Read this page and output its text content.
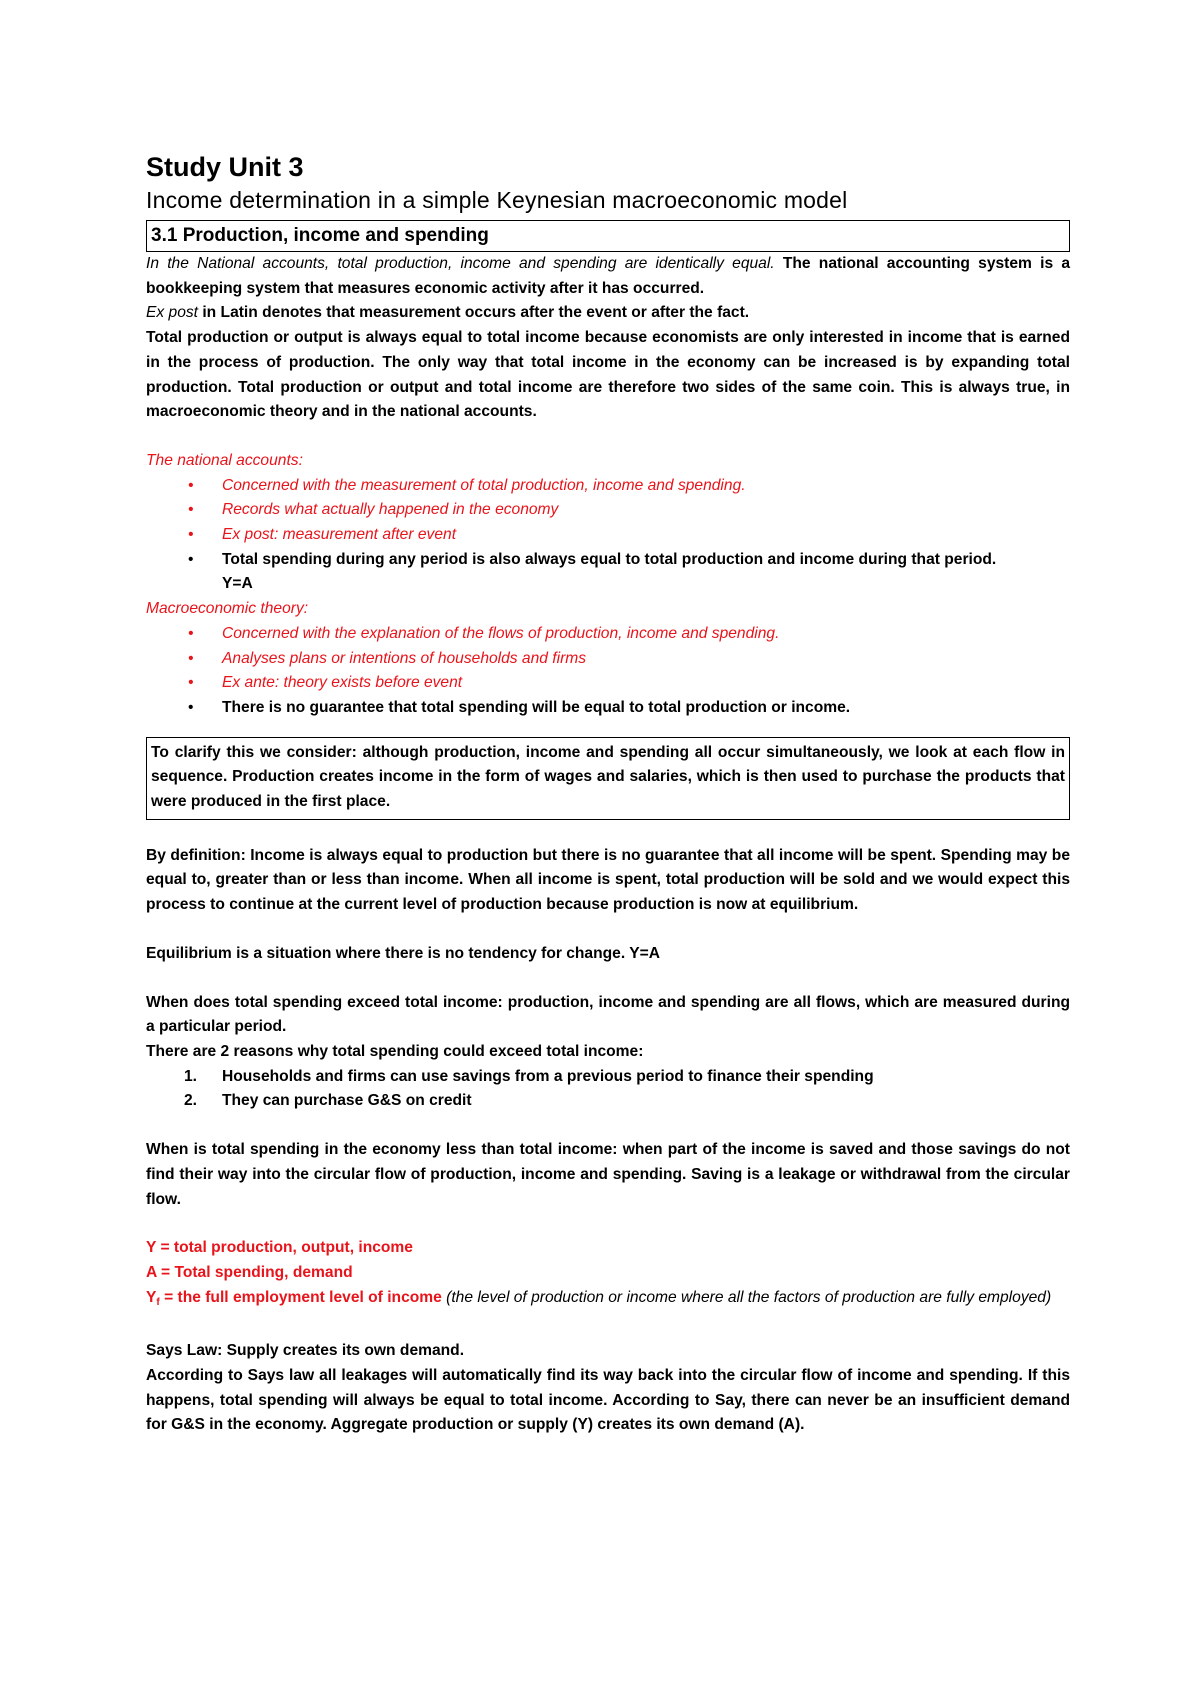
Study Unit 3
Income determination in a simple Keynesian macroeconomic model
3.1 Production, income and spending

In the National accounts, total production, income and spending are identically equal. The national accounting system is a bookkeeping system that measures economic activity after it has occurred.

Ex post in Latin denotes that measurement occurs after the event or after the fact.

Total production or output is always equal to total income because economists are only interested in income that is earned in the process of production. The only way that total income in the economy can be increased is by expanding total production. Total production or output and total income are therefore two sides of the same coin. This is always true, in macroeconomic theory and in the national accounts.

The national accounts:

• Concerned with the measurement of total production, income and spending.
• Records what actually happened in the economy
• Ex post: measurement after event
• Total spending during any period is also always equal to total production and income during that period.
Y=A

Macroeconomic theory:

• Concerned with the explanation of the flows of production, income and spending.
• Analyses plans or intentions of households and firms
• Ex ante: theory exists before event
• There is no guarantee that total spending will be equal to total production or income.

To clarify this we consider: although production, income and spending all occur simultaneously, we look at each flow in sequence. Production creates income in the form of wages and salaries, which is then used to purchase the products that were produced in the first place.

By definition: Income is always equal to production but there is no guarantee that all income will be spent. Spending may be equal to, greater than or less than income. When all income is spent, total production will be sold and we would expect this process to continue at the current level of production because production is now at equilibrium.

Equilibrium is a situation where there is no tendency for change. Y=A

When does total spending exceed total income: production, income and spending are all flows, which are measured during a particular period.

There are 2 reasons why total spending could exceed total income:

1. Households and firms can use savings from a previous period to finance their spending
2. They can purchase G&S on credit

When is total spending in the economy less than total income: when part of the income is saved and those savings do not find their way into the circular flow of production, income and spending. Saving is a leakage or withdrawal from the circular flow.

Y = total production, output, income

A = Total spending, demand

$Y_f$ = the full employment level of income (the level of production or income where all the factors of production are fully employed)

Says Law: Supply creates its own demand.

According to Says law all leakages will automatically find its way back into the circular flow of income and spending. If this happens, total spending will always be equal to total income. According to Say, there can never be an insufficient demand for G&S in the economy. Aggregate production or supply (Y) creates its own demand (A).
